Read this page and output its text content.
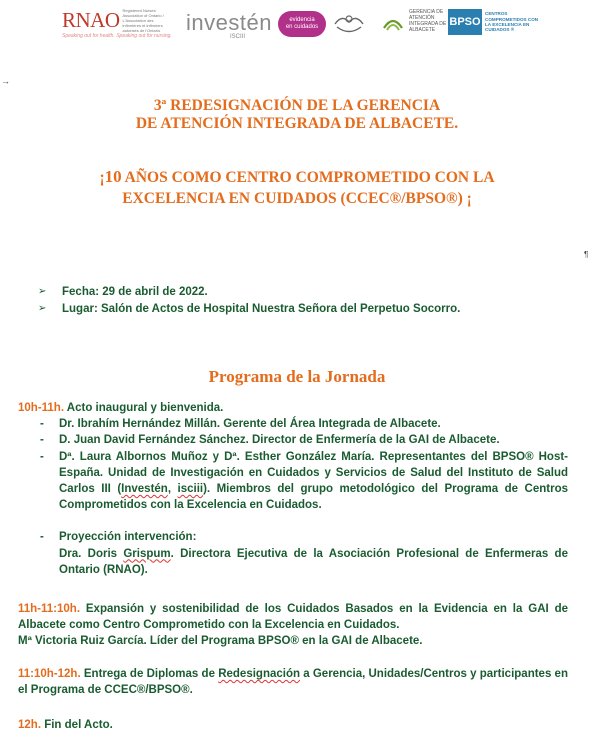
RNAO Registered Nurses' Association of Ontario / L'Association des infirmières et infirmiers autorisés de l'Ontario
Speaking out for health. Speaking out for nursing.
investén
ISCIII
evidencia
en cuidados
GERENCIA DE ATENCIÓN INTEGRADA DE ALBACETE
BPSO
CENTROS COMPROMETIDOS CON LA EXCELENCIA EN CUIDADOS ®
→
¶
3ª REDESIGNACIÓN DE LA GERENCIA
DE ATENCIÓN INTEGRADA DE ALBACETE.
¡10 AÑOS COMO CENTRO COMPROMETIDO CON LA
EXCELENCIA EN CUIDADOS (CCEC®/BPSO®) ¡
➢	Fecha: 29 de abril de 2022.
➢	Lugar: Salón de Actos de Hospital Nuestra Señora del Perpetuo Socorro.
Programa de la Jornada
10h-11h. Acto inaugural y bienvenida.
-	Dr. Ibrahím Hernández Millán. Gerente del Área Integrada de Albacete.
-	D. Juan David Fernández Sánchez. Director de Enfermería de la GAI de Albacete.
-	Dª. Laura Albornos Muñoz y Dª. Esther González María. Representantes del BPSO® Host-España. Unidad de Investigación en Cuidados y Servicios de Salud del Instituto de Salud Carlos III (Investén, isciii). Miembros del grupo metodológico del Programa de Centros Comprometidos con la Excelencia en Cuidados.
-	Proyección intervención:
Dra. Doris Grispum. Directora Ejecutiva de la Asociación Profesional de Enfermeras de Ontario (RNAO).
11h-11:10h. Expansión y sostenibilidad de los Cuidados Basados en la Evidencia en la GAI de Albacete como Centro Comprometido con la Excelencia en Cuidados.
Mª Victoria Ruiz García. Líder del Programa BPSO® en la GAI de Albacete.
11:10h-12h. Entrega de Diplomas de Redesignación a Gerencia, Unidades/Centros y participantes en el Programa de CCEC®/BPSO®.
12h. Fin del Acto.
